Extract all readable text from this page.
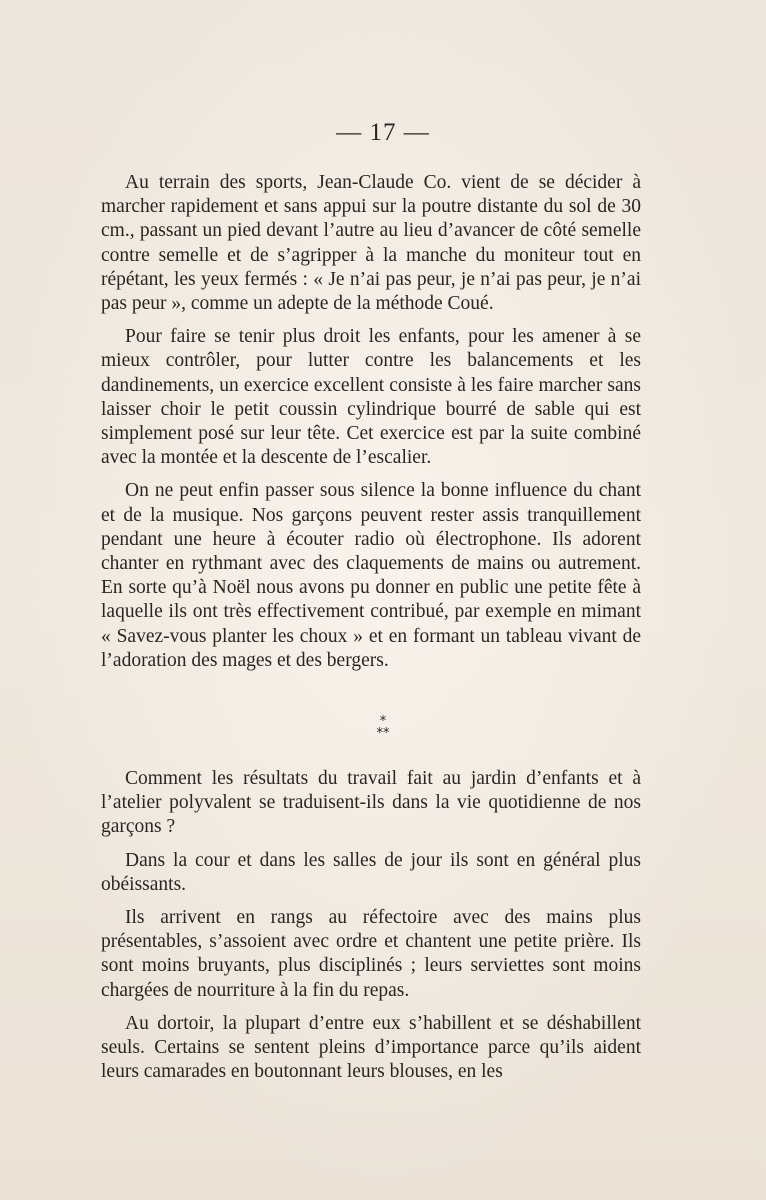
— 17 —

Au terrain des sports, Jean-Claude Co. vient de se décider à marcher rapidement et sans appui sur la poutre distante du sol de 30 cm., passant un pied devant l’autre au lieu d’avancer de côté semelle contre semelle et de s’agripper à la manche du moniteur tout en répétant, les yeux fermés : « Je n’ai pas peur, je n’ai pas peur, je n’ai pas peur », comme un adepte de la méthode Coué.

Pour faire se tenir plus droit les enfants, pour les amener à se mieux contrôler, pour lutter contre les balancements et les dandinements, un exercice excellent consiste à les faire marcher sans laisser choir le petit coussin cylindrique bourré de sable qui est simplement posé sur leur tête. Cet exercice est par la suite combiné avec la montée et la descente de l’escalier.

On ne peut enfin passer sous silence la bonne influence du chant et de la musique. Nos garçons peuvent rester assis tranquillement pendant une heure à écouter radio où électrophone. Ils adorent chanter en rythmant avec des claquements de mains ou autrement. En sorte qu’à Noël nous avons pu donner en public une petite fête à laquelle ils ont très effectivement contribué, par exemple en mimant « Savez-vous planter les choux » et en formant un tableau vivant de l’adoration des mages et des bergers.

*
**

Comment les résultats du travail fait au jardin d’enfants et à l’atelier polyvalent se traduisent-ils dans la vie quotidienne de nos garçons ?

Dans la cour et dans les salles de jour ils sont en général plus obéissants.

Ils arrivent en rangs au réfectoire avec des mains plus présentables, s’assoient avec ordre et chantent une petite prière. Ils sont moins bruyants, plus disciplinés ; leurs serviettes sont moins chargées de nourriture à la fin du repas.

Au dortoir, la plupart d’entre eux s’habillent et se déshabillent seuls. Certains se sentent pleins d’importance parce qu’ils aident leurs camarades en boutonnant leurs blouses, en les
